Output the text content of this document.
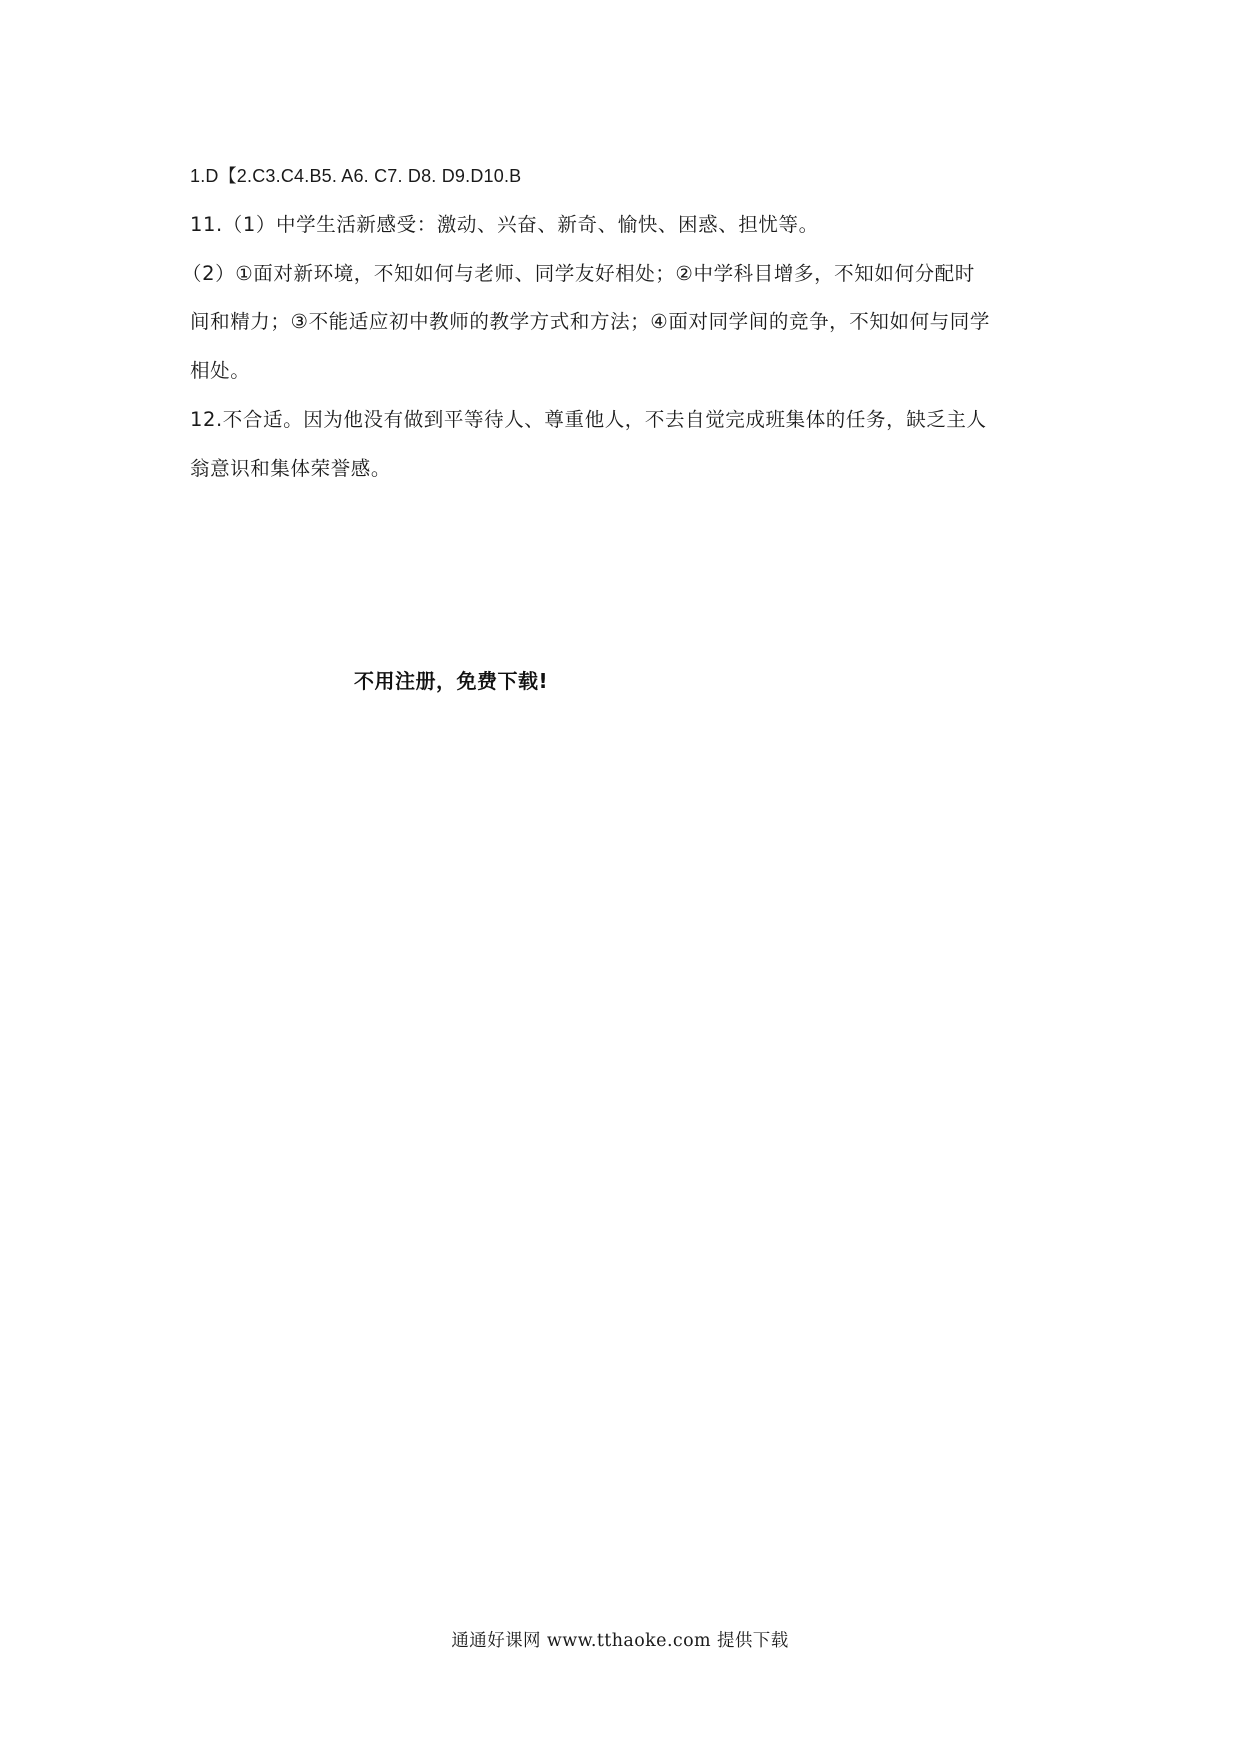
1.D【2.C3.C4.B5. A6. C7. D8. D9.D10.B
11.（1）中学生活新感受：激动、兴奋、新奇、愉快、困惑、担忧等。
（2）①面对新环境，不知如何与老师、同学友好相处；②中学科目增多，不知如何分配时
间和精力；③不能适应初中教师的教学方式和方法；④面对同学间的竞争，不知如何与同学
相处。
12.不合适。因为他没有做到平等待人、尊重他人，不去自觉完成班集体的任务，缺乏主人
翁意识和集体荣誉感。
不用注册，免费下载!
通通好课网 www.tthaoke.com 提供下载
